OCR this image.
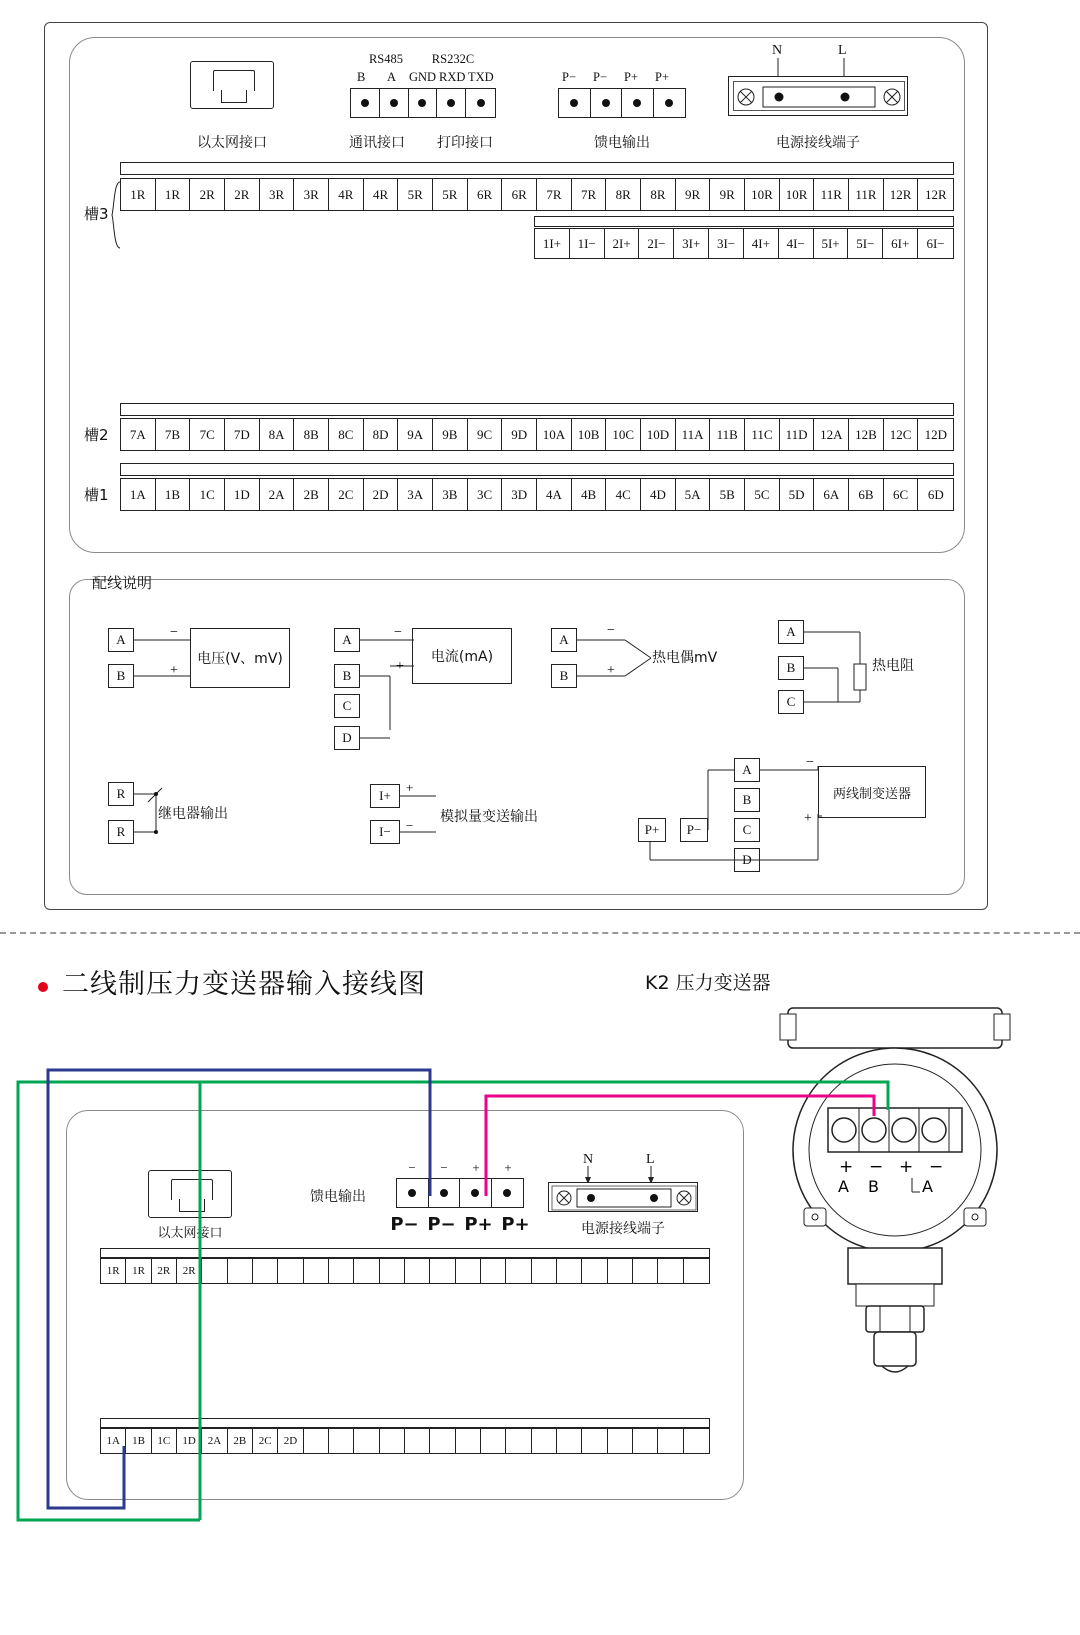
以太网接口
RS485	RS232C
B A GND RXD TXD
通讯接口	打印接口
P− P− P+ P+
馈电输出
N	L
电源接线端子
槽3
1R	1R	2R	2R	3R	3R	4R	4R	5R	5R	6R	6R	7R	7R	8R	8R	9R	9R	10R	10R	11R	11R	12R	12R
1I+	1I−	2I+	2I−	3I+	3I−	4I+	4I−	5I+	5I−	6I+	6I−
槽2	7A	7B	7C	7D	8A	8B	8C	8D	9A	9B	9C	9D	10A 10B	10C 10D 11A	11B	11C	11D 12A 12B	12C	12D
槽1	1A	1B	1C	1D	2A	2B	2C	2D	3A	3B	3C	3D	4A	4B	4C	4D	5A	5B	5C	5D	6A	6B	6C	6D
配线说明
A
B
电压(V、mV)
−
+
A
B
C
D
电流(mA)
−
+
A
B
−
+
热电偶mV
A
B
C
热电阻
R
R
继电器输出
I+
I−
+
−
模拟量变送输出
A
B
C
D
P+	P−
两线制变送器
−
+
二线制压力变送器输入接线图	K2 压力变送器
以太网接口
馈电输出
−	−	+	+
P− P− P+ P+
N	L
电源接线端子
1R	1R	2R	2R
1A	1B	1C	1D	2A	2B	2C	2D
+ − + −
A B	A
